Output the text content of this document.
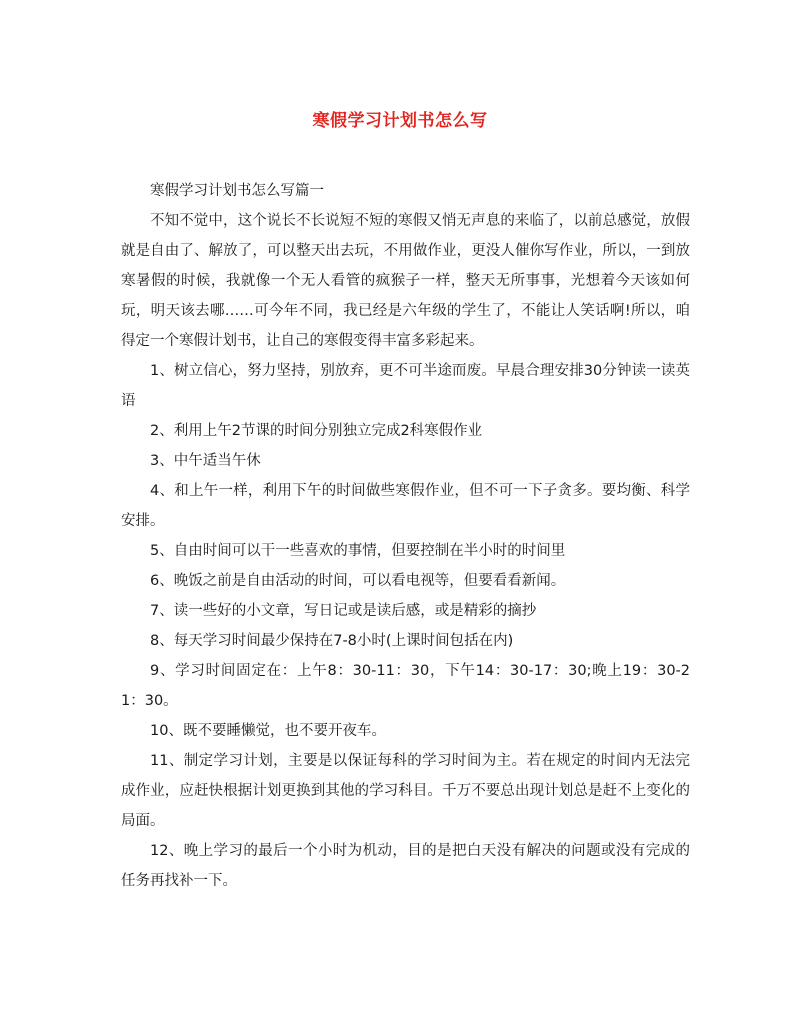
寒假学习计划书怎么写

寒假学习计划书怎么写篇一

不知不觉中，这个说长不长说短不短的寒假又悄无声息的来临了，以前总感觉，放假就是自由了、解放了，可以整天出去玩，不用做作业，更没人催你写作业，所以，一到放寒暑假的时候，我就像一个无人看管的疯猴子一样，整天无所事事，光想着今天该如何玩，明天该去哪……可今年不同，我已经是六年级的学生了，不能让人笑话啊!所以，咱得定一个寒假计划书，让自己的寒假变得丰富多彩起来。

1、树立信心，努力坚持，别放弃，更不可半途而废。早晨合理安排30分钟读一读英语

2、利用上午2节课的时间分别独立完成2科寒假作业

3、中午适当午休

4、和上午一样，利用下午的时间做些寒假作业，但不可一下子贪多。要均衡、科学安排。

5、自由时间可以干一些喜欢的事情，但要控制在半小时的时间里

6、晚饭之前是自由活动的时间，可以看电视等，但要看看新闻。

7、读一些好的小文章，写日记或是读后感，或是精彩的摘抄

8、每天学习时间最少保持在7-8小时(上课时间包括在内)

9、学习时间固定在：上午8：30-11：30，下午14：30-17：30;晚上19：30-21：30。

10、既不要睡懒觉，也不要开夜车。

11、制定学习计划，主要是以保证每科的学习时间为主。若在规定的时间内无法完成作业，应赶快根据计划更换到其他的学习科目。千万不要总出现计划总是赶不上变化的局面。

12、晚上学习的最后一个小时为机动，目的是把白天没有解决的问题或没有完成的任务再找补一下。
